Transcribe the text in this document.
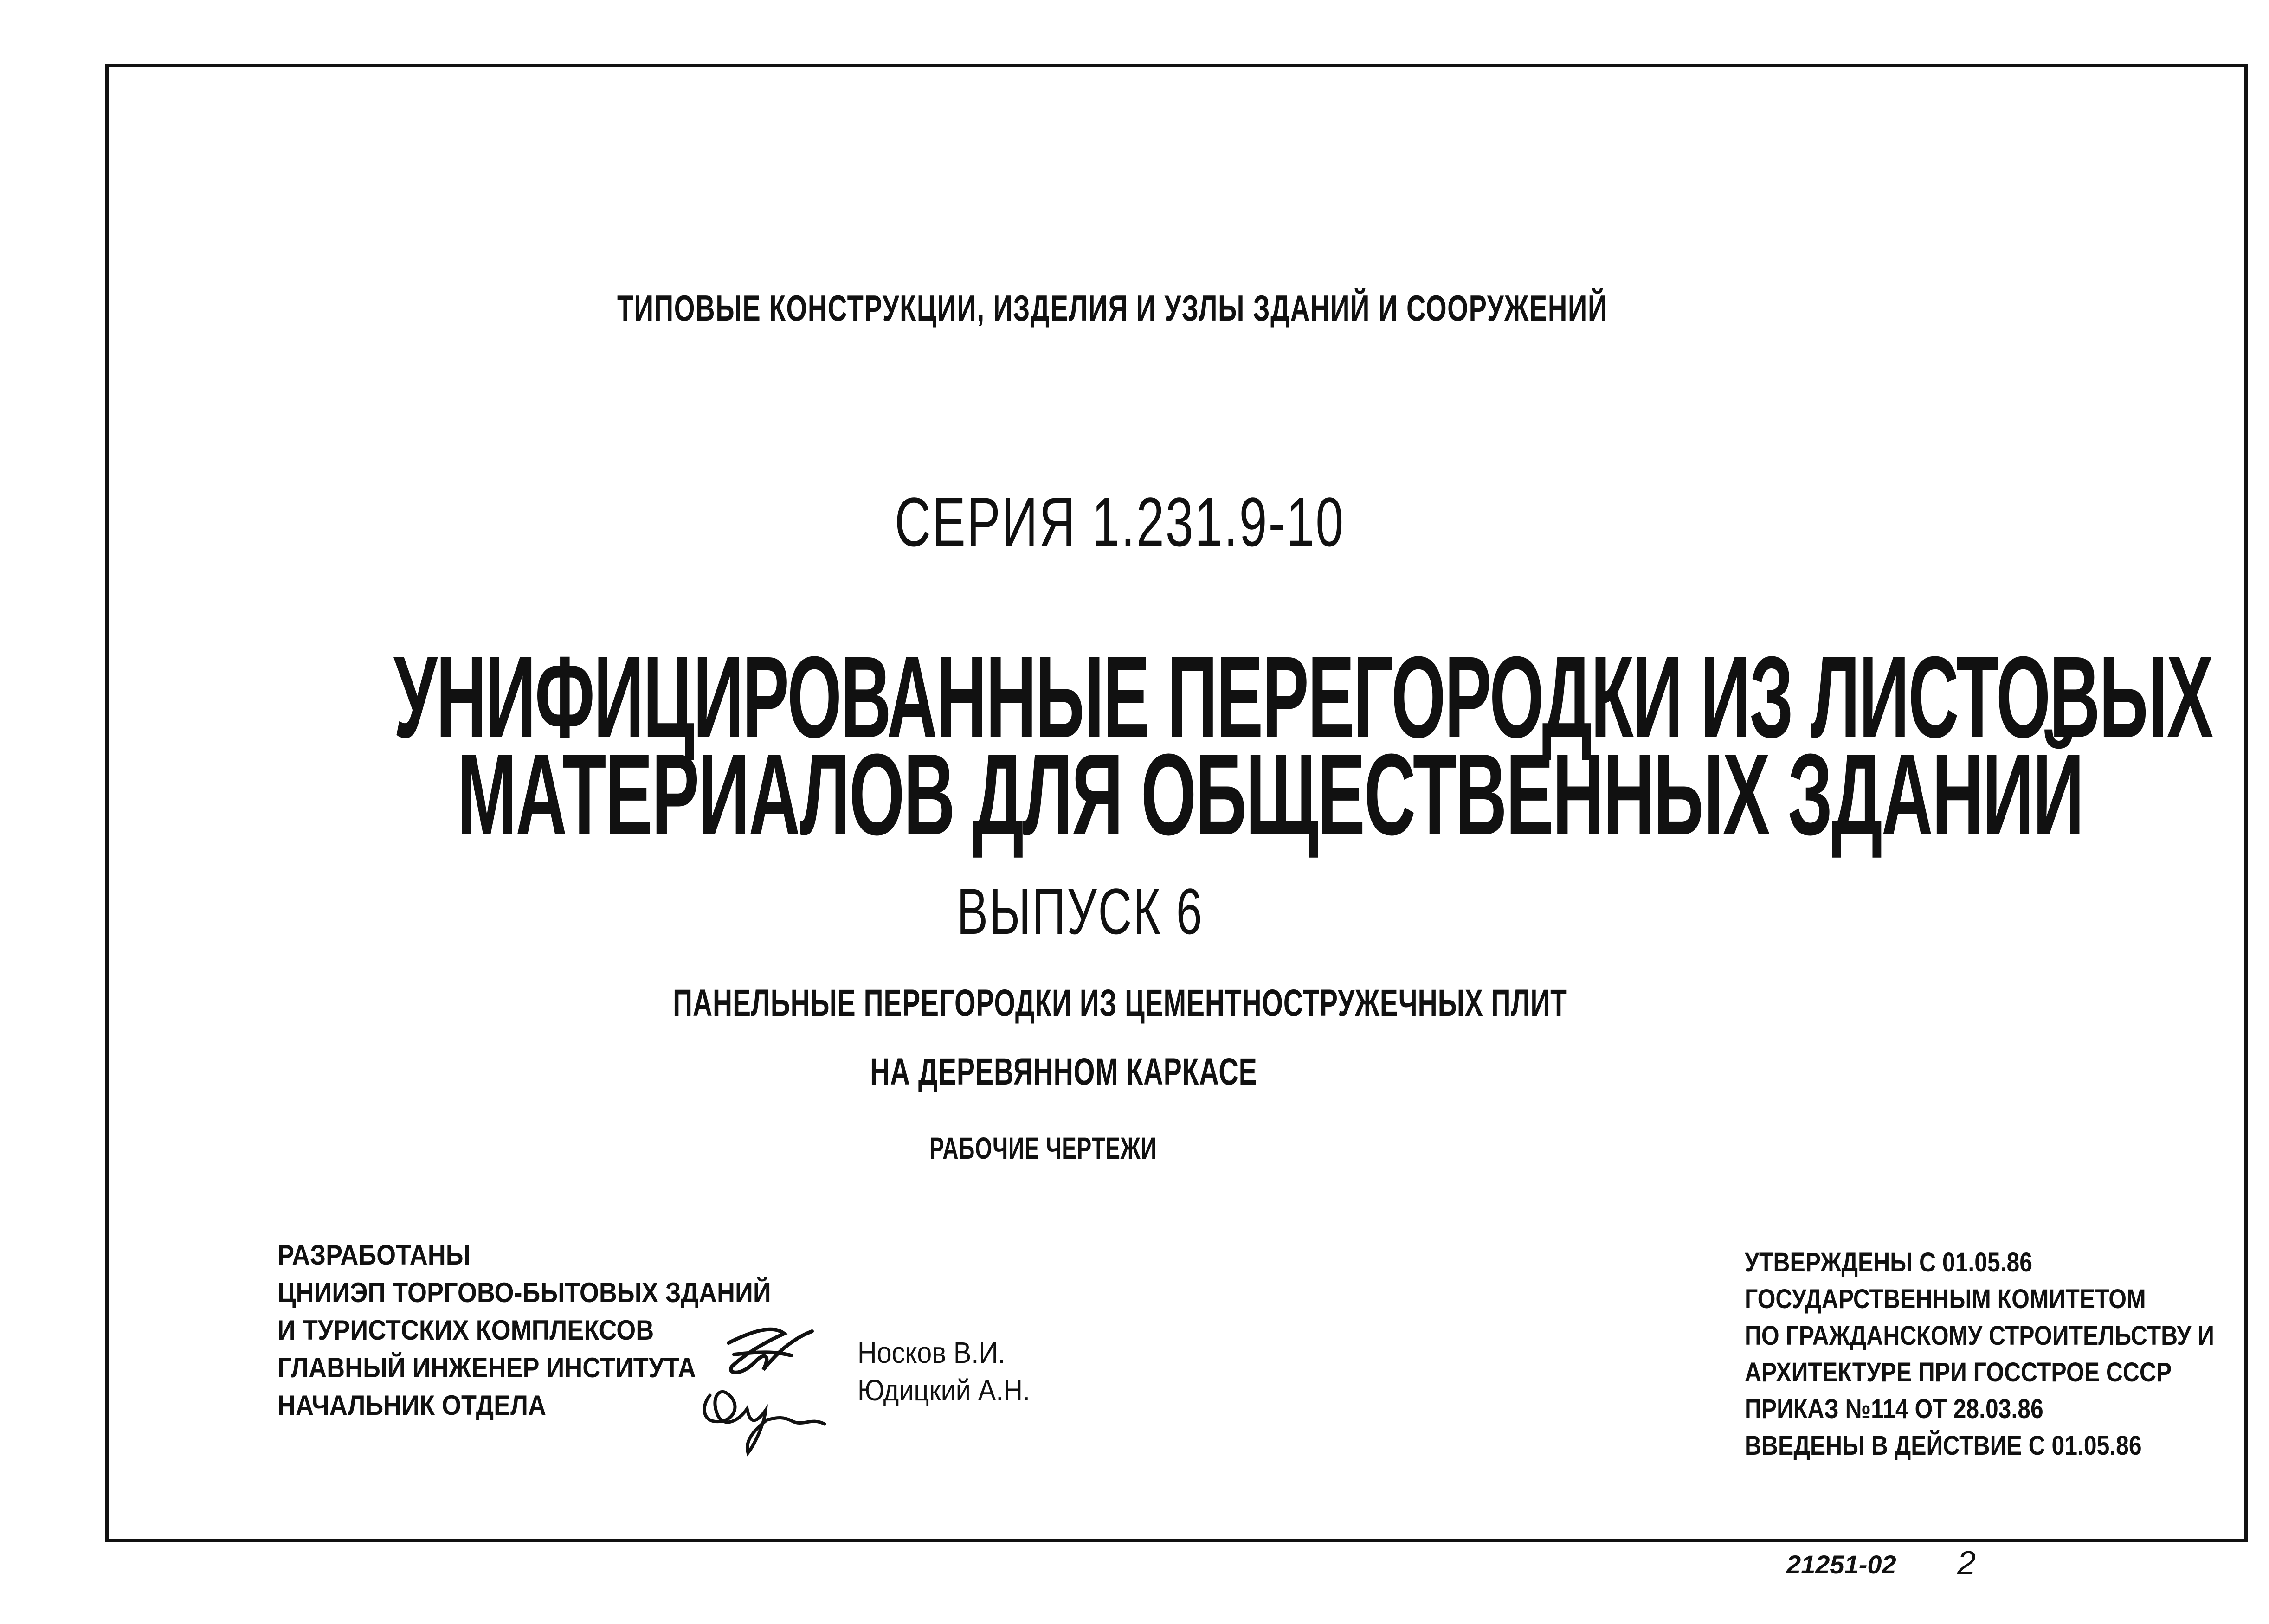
ТИПОВЫЕ КОНСТРУКЦИИ, ИЗДЕЛИЯ И УЗЛЫ ЗДАНИЙ И СООРУЖЕНИЙ
СЕРИЯ 1.231.9-10
УНИФИЦИРОВАННЫЕ ПЕРЕГОРОДКИ ИЗ ЛИСТОВЫХ
МАТЕРИАЛОВ ДЛЯ ОБЩЕСТВЕННЫХ ЗДАНИЙ
ВЫПУСК 6
ПАНЕЛЬНЫЕ ПЕРЕГОРОДКИ ИЗ ЦЕМЕНТНОСТРУЖЕЧНЫХ ПЛИТ
НА ДЕРЕВЯННОМ КАРКАСЕ
РАБОЧИЕ ЧЕРТЕЖИ
РАЗРАБОТАНЫ
ЦНИИЭП ТОРГОВО-БЫТОВЫХ ЗДАНИЙ
И ТУРИСТСКИХ КОМПЛЕКСОВ
ГЛАВНЫЙ ИНЖЕНЕР ИНСТИТУТА
НАЧАЛЬНИК ОТДЕЛА
Носков В.И.
Юдицкий А.Н.
УТВЕРЖДЕНЫ С 01.05.86
ГОСУДАРСТВЕННЫМ КОМИТЕТОМ
ПО ГРАЖДАНСКОМУ СТРОИТЕЛЬСТВУ И
АРХИТЕКТУРЕ ПРИ ГОССТРОЕ СССР
ПРИКАЗ №114 ОТ 28.03.86
ВВЕДЕНЫ В ДЕЙСТВИЕ С 01.05.86
21251-02 2
